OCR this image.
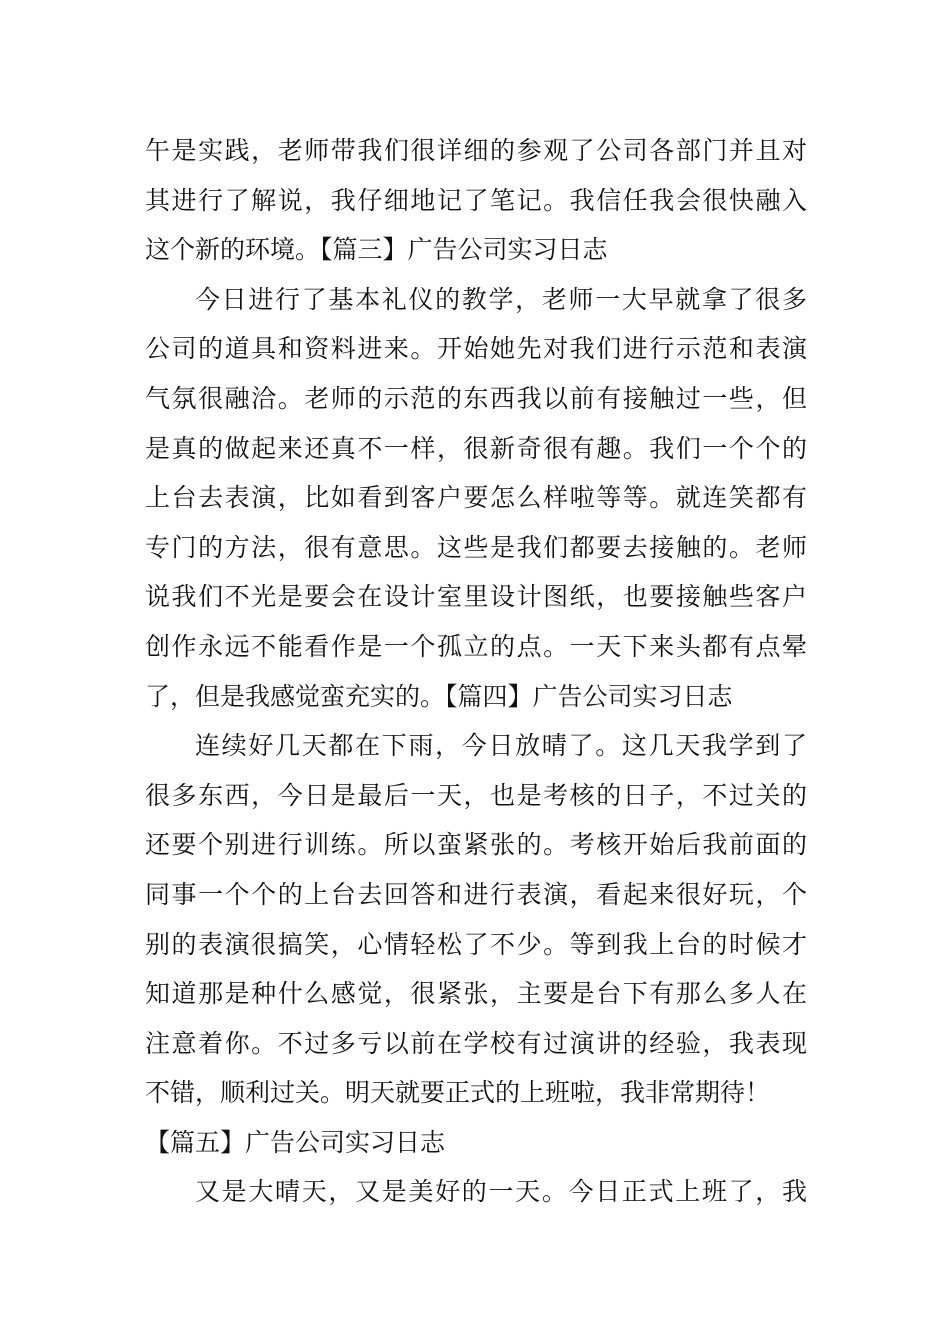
午是实践，老师带我们很详细的参观了公司各部门并且对
其进行了解说，我仔细地记了笔记。我信任我会很快融入
这个新的环境。【篇三】广告公司实习日志
今日进行了基本礼仪的教学，老师一大早就拿了很多
公司的道具和资料进来。开始她先对我们进行示范和表演
气氛很融洽。老师的示范的东西我以前有接触过一些，但
是真的做起来还真不一样，很新奇很有趣。我们一个个的
上台去表演，比如看到客户要怎么样啦等等。就连笑都有
专门的方法，很有意思。这些是我们都要去接触的。老师
说我们不光是要会在设计室里设计图纸，也要接触些客户
创作永远不能看作是一个孤立的点。一天下来头都有点晕
了，但是我感觉蛮充实的。【篇四】广告公司实习日志
连续好几天都在下雨，今日放晴了。这几天我学到了
很多东西，今日是最后一天，也是考核的日子，不过关的
还要个别进行训练。所以蛮紧张的。考核开始后我前面的
同事一个个的上台去回答和进行表演，看起来很好玩，个
别的表演很搞笑，心情轻松了不少。等到我上台的时候才
知道那是种什么感觉，很紧张，主要是台下有那么多人在
注意着你。不过多亏以前在学校有过演讲的经验，我表现
不错，顺利过关。明天就要正式的上班啦，我非常期待！
【篇五】广告公司实习日志
又是大晴天，又是美好的一天。今日正式上班了，我
